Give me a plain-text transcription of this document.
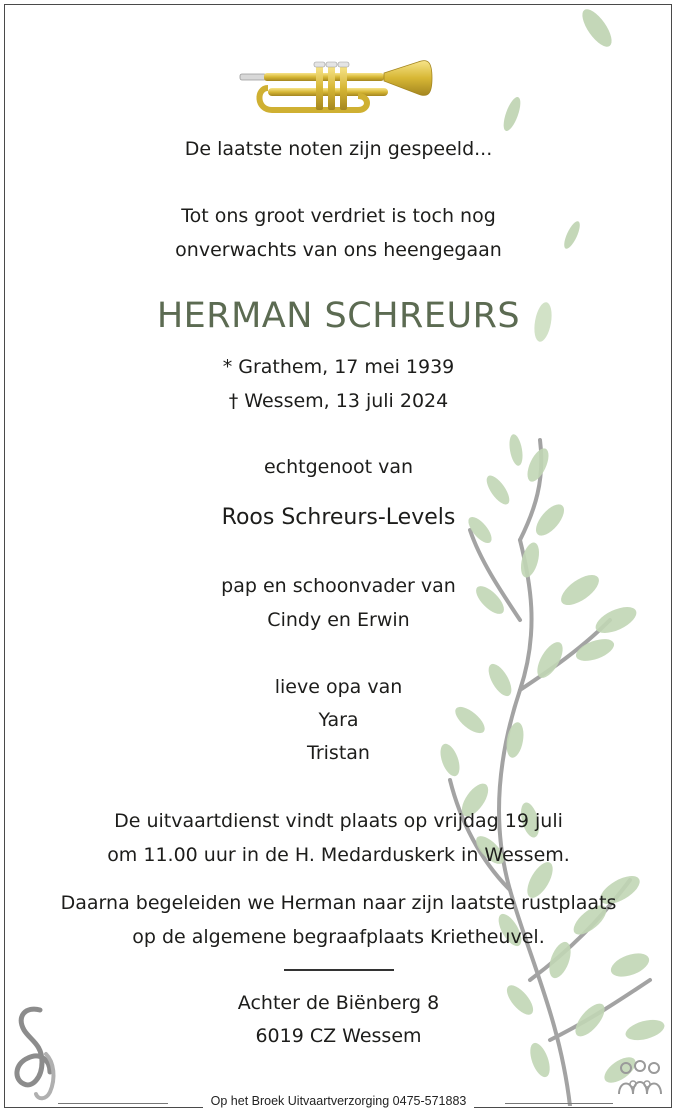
De laatste noten zijn gespeeld...
Tot ons groot verdriet is toch nog
onverwachts van ons heengegaan
HERMAN SCHREURS
* Grathem, 17 mei 1939
† Wessem, 13 juli 2024
echtgenoot van
Roos Schreurs-Levels
pap en schoonvader van
Cindy en Erwin
lieve opa van
Yara
Tristan
De uitvaartdienst vindt plaats op vrijdag 19 juli
om 11.00 uur in de H. Medarduskerk in Wessem.
Daarna begeleiden we Herman naar zijn laatste rustplaats
op de algemene begraafplaats Krietheuvel.
Achter de Biënberg 8
6019 CZ Wessem
Op het Broek Uitvaartverzorging 0475-571883
